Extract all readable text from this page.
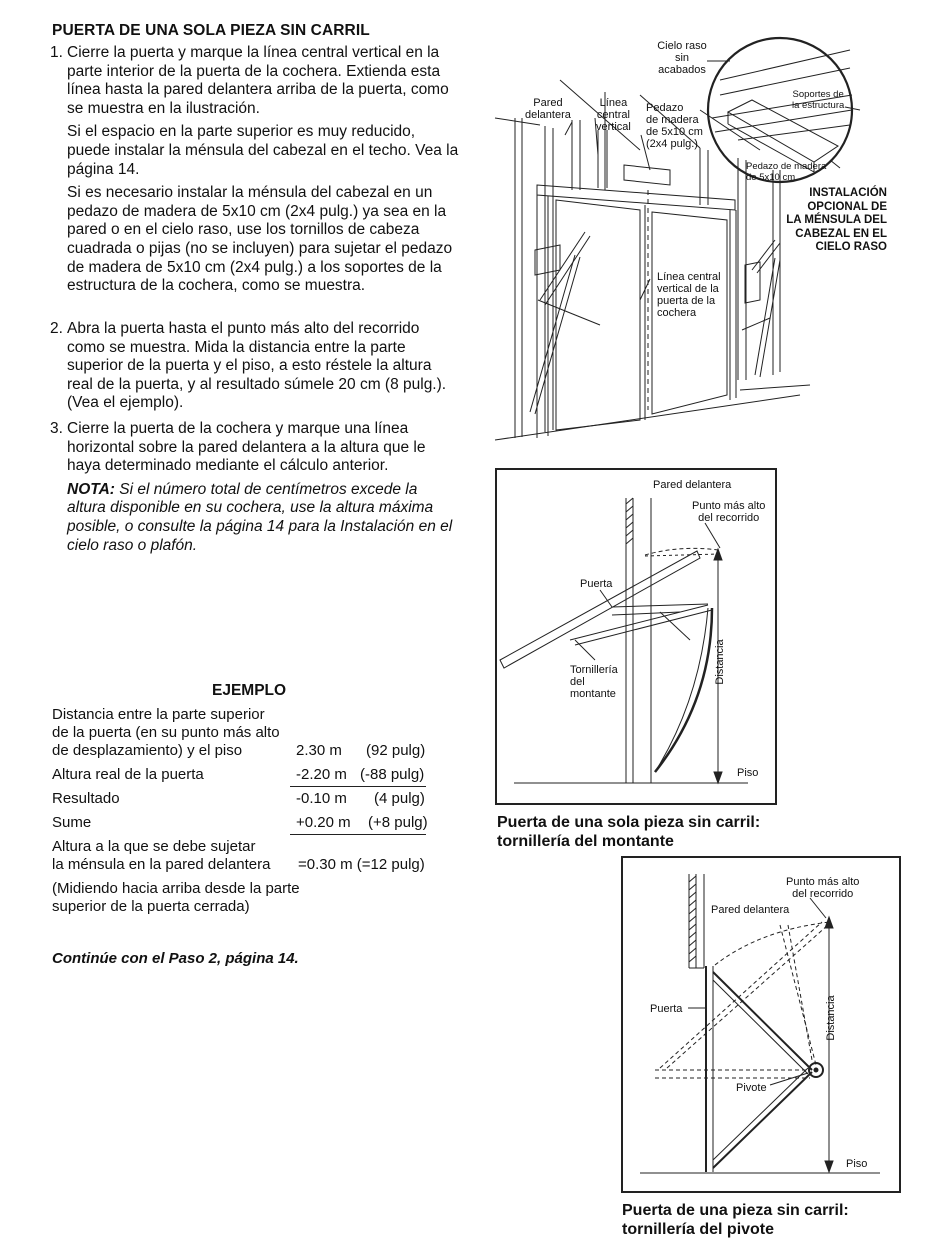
PUERTA DE UNA SOLA PIEZA SIN CARRIL
1. Cierre la puerta y marque la línea central vertical en la parte interior de la puerta de la cochera. Extienda esta línea hasta la pared delantera arriba de la puerta, como se muestra en la ilustración.

Si el espacio en la parte superior es muy reducido, puede instalar la ménsula del cabezal en el techo. Vea la página 14.

Si es necesario instalar la ménsula del cabezal en un pedazo de madera de 5x10 cm (2x4 pulg.) ya sea en la pared o en el cielo raso, use los tornillos de cabeza cuadrada o pijas (no se incluyen) para sujetar el pedazo de madera de 5x10 cm (2x4 pulg.) a los soportes de la estructura de la cochera, como se muestra.

2. Abra la puerta hasta el punto más alto del recorrido como se muestra. Mida la distancia entre la parte superior de la puerta y el piso, a esto réstele la altura real de la puerta, y al resultado súmele 20 cm (8 pulg.). (Vea el ejemplo).

3. Cierre la puerta de la cochera y marque una línea horizontal sobre la pared delantera a la altura que le haya determinado mediante el cálculo anterior.

NOTA: Si el número total de centímetros excede la altura disponible en su cochera, use la altura máxima posible, o consulte la página 14 para la Instalación en el cielo raso o plafón.

EJEMPLO
Distancia entre la parte superior
de la puerta (en su punto más alto
de desplazamiento) y el piso	2.30 m (92 pulg)
Altura real de la puerta	-2.20 m (-88 pulg)
Resultado	-0.10 m (4 pulg)
Sume	+0.20 m (+8 pulg)
Altura a la que se debe sujetar
la ménsula en la pared delantera =0.30 m (=12 pulg)
(Midiendo hacia arriba desde la parte
superior de la puerta cerrada)
Continúe con el Paso 2, página 14.
Cielo raso sin
acabados
Pared
delantera
Línea
central
vertical
Pedazo
de madera
de 5x10 cm
(2x4 pulg.)
Soportes de
la estructura
Pedazo de madera
de 5x10 cm
Línea central
vertical de la
puerta de la
cochera
INSTALACIÓN
OPCIONAL DE
LA MÉNSULA DEL
CABEZAL EN EL
CIELO RASO
Pared delantera
Punto más alto
del recorrido
Puerta
Tornillería
del
montante
Distancia
Piso
Puerta de una sola pieza sin carril:
tornillería del montante
Punto más alto
del recorrido
Pared delantera
Puerta
Pivote
Distancia
Piso
Puerta de una pieza sin carril:
tornillería del pivote
